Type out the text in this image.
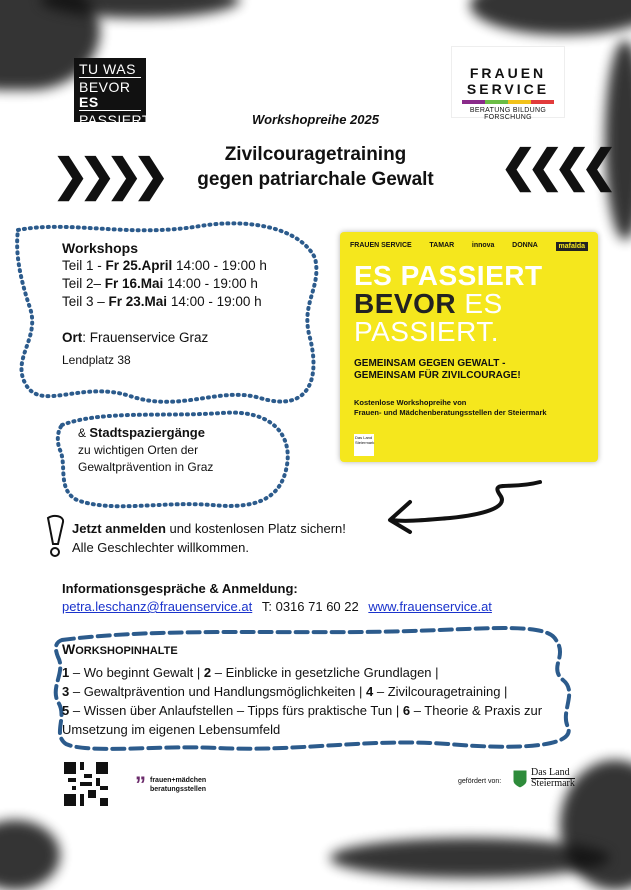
TU WAS
BEVOR ES
PASSIERT
FRAUEN
SERVICE
BERATUNG BILDUNG FORSCHUNG
Workshopreihe 2025
Zivilcouragetraining
gegen patriarchale Gewalt
❯❯❯❯	❮❮❮❮
Workshops
Teil 1 - Fr 25.April 14:00 - 19:00 h
Teil 2– Fr 16.Mai 14:00 - 19:00 h
Teil 3 – Fr 23.Mai 14:00 - 19:00 h
Ort: Frauenservice Graz
Lendplatz 38
& Stadtspaziergänge
zu wichtigen Orten der
Gewaltprävention in Graz
FRAUEN SERVICE	TAMAR	innova	DONNA	mafalda
ES PASSIERT
BEVOR ES
PASSIERT.
GEMEINSAM GEGEN GEWALT -
GEMEINSAM FÜR ZIVILCOURAGE!
Kostenlose Workshopreihe von
Frauen- und Mädchenberatungsstellen der Steiermark
Das Land Steiermark
Jetzt anmelden und kostenlosen Platz sichern!
Alle Geschlechter willkommen.
Informationsgespräche & Anmeldung:
petra.leschanz@frauenservice.at T: 0316 71 60 22 www.frauenservice.at
WORKSHOPINHALTE
1 – Wo beginnt Gewalt | 2 – Einblicke in gesetzliche Grundlagen |
3 – Gewaltprävention und Handlungsmöglichkeiten | 4 – Zivilcouragetraining |
5 – Wissen über Anlaufstellen – Tipps fürs praktische Tun | 6 – Theorie & Praxis zur Umsetzung im eigenen Lebensumfeld
” frauen+mädchen
beratungsstellen
gefördert von:
Das Land
Steiermark
